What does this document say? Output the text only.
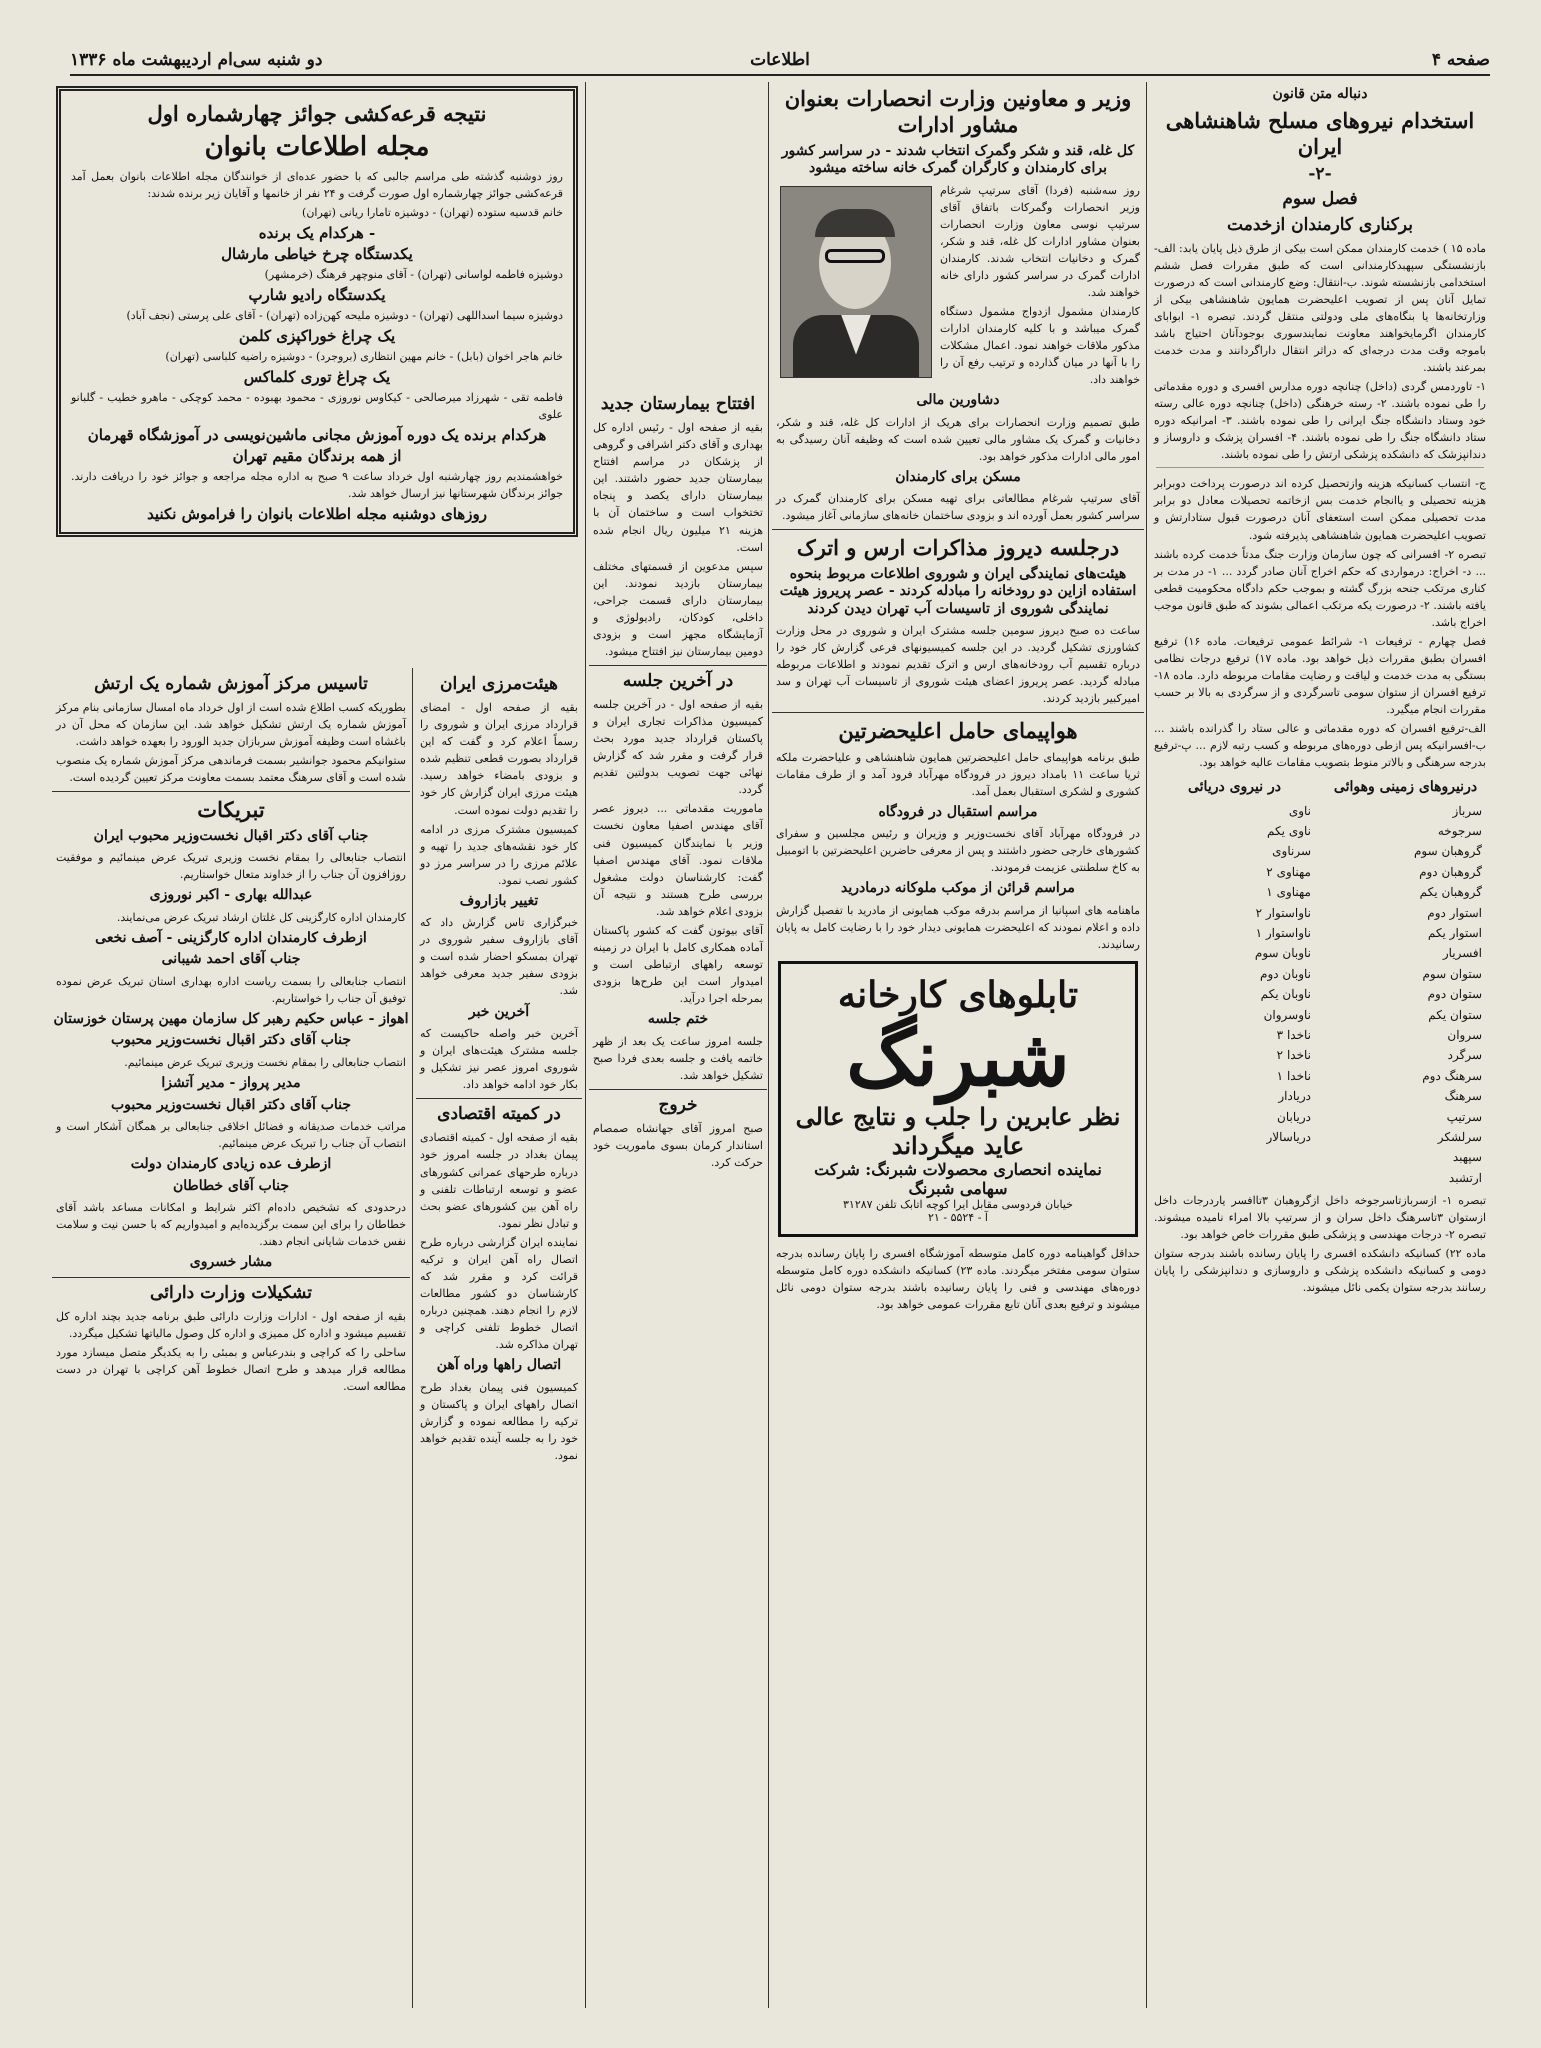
صفحه ۴
اطلاعات
دو شنبه سی‌ام اردیبهشت ماه ۱۳۳۶
دنباله متن قانون
استخدام نیروهای مسلح شاهنشاهی ایران
-۲-
فصل سوم
برکناری کارمندان ازخدمت
ماده ۱۵ ) خدمت کارمندان ممکن است بیکی از طرق ذیل پایان یابد: الف-بازنشستگی سپهبدکارمندانی است که طبق مقررات فصل ششم استخدامی بازنشسته شوند. ب-انتقال: وضع کارمندانی است که درصورت تمایل آنان پس از تصویب اعلیحضرت همایون شاهنشاهی بیکی از وزارتخانه‌ها یا بنگاه‌های ملی ودولتی منتقل گردند. تبصره ۱- ابوابای کارمندان اگرمایخواهند معاونت نمایندسوری بوجودآنان احتیاج باشد باموجه وقت مدت درجه‌ای که دراثر انتقال داراگردانند و مدت خدمت بمرعند باشند.
۱- تاوردمس گردی (داخل) چنانچه دوره مدارس افسری و دوره مقدماتی را طی نموده باشند. ۲- رسته خرهنگی (داخل) چنانچه دوره عالی رسته خود وستاد دانشگاه جنگ ایرانی را طی نموده باشند. ۳- امرانیکه دوره ستاد دانشگاه جنگ را طی نموده باشند. ۴- افسران پزشک و داروساز و دندانپزشک که دانشکده پزشکی ارتش را طی نموده باشند.
ج- انتساب کسانیکه هزینه وازتحصیل کرده اند درصورت پرداخت دوبرابر هزینه تحصیلی و یاانجام خدمت بس ازخاتمه تحصیلات معادل دو برابر مدت تحصیلی ممکن است استعفای آنان درصورت قبول ستادارتش و تصویب اعلیحضرت همایون شاهنشاهی پذیرفته شود.
تبصره ۲- افسرانی که چون سازمان وزارت جنگ مدتاً خدمت کرده باشند ... د- اخراج: درمواردی که حکم اخراج آنان صادر گردد ... ۱- در مدت بر کناری مرتکب جنحه بزرگ گشته و بموجب حکم دادگاه محکومیت قطعی یافته باشند. ۲- درصورت یکه مرتکب اعمالی بشوند که طبق قانون موجب اخراج باشد.
فصل چهارم - ترفیعات ۱- شرائط عمومی ترفیعات. ماده ۱۶) ترفیع افسران بطبق مقررات ذیل خواهد بود. ماده ۱۷) ترفیع درجات نظامی بستگی به مدت خدمت و لیاقت و رضایت مقامات مربوطه دارد. ماده ۱۸- ترفیع افسران از ستوان سومی تاسرگردی و از سرگردی به بالا بر حسب مقررات انجام میگیرد.
الف-ترفیع افسران که دوره مقدماتی و عالی ستاد را گذرانده باشند ... ب-افسرانیکه پس ازطی دوره‌های مربوطه و کسب رتبه لازم ... پ-ترفیع بدرجه سرهنگی و بالاتر منوط بتصویب مقامات عالیه خواهد بود.
درنیروهای زمینی وهوائی
سرباز
سرجوخه
گروهبان سوم
گروهبان دوم
گروهبان یکم
استوار دوم
استوار یکم
افسریار
ستوان سوم
ستوان دوم
ستوان یکم
سروان
سرگرد
سرهنگ دوم
سرهنگ
سرتیپ
سرلشکر
سپهبد
ارتشبد
در نیروی دریائی
ناوی
ناوی یکم
سرناوی
مهناوی ۲
مهناوی ۱
ناواستوار ۲
ناواستوار ۱
ناوبان سوم
ناوبان دوم
ناوبان یکم
ناوسروان
ناخدا ۳
ناخدا ۲
ناخدا ۱
دریادار
دریابان
دریاسالار
تبصره ۱- ازسربازتاسرجوخه داخل ازگروهبان ۳تاافسر یاردرجات داخل ازستوان ۳تاسرهنگ داخل سران و از سرتیپ بالا امراء نامیده میشوند. تبصره ۲- درجات مهندسی و پزشکی طبق مقررات خاص خواهد بود.
ماده ۲۲) کسانیکه دانشکده افسری را پایان رسانده باشند بدرجه ستوان دومی و کسانیکه دانشکده پزشکی و داروسازی و دندانپزشکی را پایان رسانند بدرجه ستوان یکمی نائل میشوند.
وزیر و معاونین وزارت انحصارات بعنوان مشاور ادارات
کل غله، قند و شکر وگمرک انتخاب شدند - در سراسر کشور برای کارمندان و کارگران گمرک خانه ساخته میشود
روز سه‌شنبه (فردا) آقای سرتیپ شرغام وزیر انحصارات وگمرکات باتفاق آقای سرتیپ نوسی معاون وزارت انحصارات بعنوان مشاور ادارات کل غله، قند و شکر، گمرک و دخانیات انتخاب شدند. کارمندان ادارات گمرک در سراسر کشور دارای خانه خواهند شد.
کارمندان مشمول ازدواج مشمول دستگاه گمرک میباشد و با کلیه کارمندان ادارات مذکور ملاقات خواهند نمود. اعمال مشکلات را با آنها در میان گذارده و ترتیب رفع آن را خواهند داد.
دشاورین مالی
طبق تصمیم وزارت انحصارات برای هریک از ادارات کل غله، قند و شکر، دخانیات و گمرک یک مشاور مالی تعیین شده است که وظیفه آنان رسیدگی به امور مالی ادارات مذکور خواهد بود.
مسکن برای کارمندان
آقای سرتیپ شرغام مطالعاتی برای تهیه مسکن برای کارمندان گمرک در سراسر کشور بعمل آورده اند و بزودی ساختمان خانه‌های سازمانی آغاز میشود.
درجلسه دیروز مذاکرات ارس و اترک
هیئت‌های نمایندگی ایران و شوروی اطلاعات مربوط بنحوه استفاده ازاین دو رودخانه را مبادله کردند - عصر پریروز هیئت نمایندگی شوروی از تاسیسات آب تهران دیدن کردند
ساعت ده صبح دیروز سومین جلسه مشترک ایران و شوروی در محل وزارت کشاورزی تشکیل گردید. در این جلسه کمیسیونهای فرعی گزارش کار خود را درباره تقسیم آب رودخانه‌های ارس و اترک تقدیم نمودند و اطلاعات مربوطه مبادله گردید. عصر پریروز اعضای هیئت شوروی از تاسیسات آب تهران و سد امیرکبیر بازدید کردند.
هواپیمای حامل اعلیحضرتین
طبق برنامه هواپیمای حامل اعلیحضرتین همایون شاهنشاهی و علیاحضرت ملکه ثریا ساعت ۱۱ بامداد دیروز در فرودگاه مهرآباد فرود آمد و از طرف مقامات کشوری و لشکری استقبال بعمل آمد.
مراسم استقبال در فرودگاه
در فرودگاه مهرآباد آقای نخست‌وزیر و وزیران و رئیس مجلسین و سفرای کشورهای خارجی حضور داشتند و پس از معرفی حاضرین اعلیحضرتین با اتومبیل به کاخ سلطنتی عزیمت فرمودند.
مراسم قرائن از موکب ملوکانه درمادرید
ماهنامه های اسپانیا از مراسم بدرقه موکب همایونی از مادرید با تفصیل گزارش داده و اعلام نمودند که اعلیحضرت همایونی دیدار خود را با رضایت کامل به پایان رسانیدند.
تابلوهای کارخانه
شبرنگ
نظر عابرین را جلب و نتایج عالی عاید میگرداند
نماینده انحصاری محصولات شبرنگ: شرکت سهامی شبرنگ
خیابان فردوسی مقابل ایرا کوچه اتابک تلفن ۳۱۲۸۷
آ - ۵۵۲۴ - ۲۱
حداقل گواهینامه دوره کامل متوسطه آموزشگاه افسری را پایان رسانده بدرجه ستوان سومی مفتخر میگردند. ماده ۲۳) کسانیکه دانشکده دوره کامل متوسطه دوره‌های مهندسی و فنی را پایان رسانیده باشند بدرجه ستوان دومی نائل میشوند و ترفیع بعدی آنان تابع مقررات عمومی خواهد بود.
افتتاح بیمارستان جدید
بقیه از صفحه اول - رئیس اداره کل بهداری و آقای دکتر اشرافی و گروهی از پزشکان در مراسم افتتاح بیمارستان جدید حضور داشتند. این بیمارستان دارای یکصد و پنجاه تختخواب است و ساختمان آن با هزینه ۲۱ میلیون ریال انجام شده است.
سپس مدعوین از قسمتهای مختلف بیمارستان بازدید نمودند. این بیمارستان دارای قسمت جراحی، داخلی، کودکان، رادیولوژی و آزمایشگاه مجهز است و بزودی دومین بیمارستان نیز افتتاح میشود.
در آخرین جلسه
بقیه از صفحه اول - در آخرین جلسه کمیسیون مذاکرات تجاری ایران و پاکستان قرارداد جدید مورد بحث قرار گرفت و مقرر شد که گزارش نهائی جهت تصویب بدولتین تقدیم گردد.
ماموریت مقدماتی ... دیروز عصر آقای مهندس اصفیا معاون نخست وزیر با نمایندگان کمیسیون فنی ملاقات نمود. آقای مهندس اصفیا گفت: کارشناسان دولت مشغول بررسی طرح هستند و نتیجه آن بزودی اعلام خواهد شد.
آقای بیوتون گفت که کشور پاکستان آماده همکاری کامل با ایران در زمینه توسعه راههای ارتباطی است و امیدوار است این طرح‌ها بزودی بمرحله اجرا درآید.
ختم جلسه
جلسه امروز ساعت یک بعد از ظهر خاتمه یافت و جلسه بعدی فردا صبح تشکیل خواهد شد.
خروج
صبح امروز آقای جهانشاه صمصام استاندار کرمان بسوی ماموریت خود حرکت کرد.
نتیجه قرعه‌کشی جوائز چهارشماره اول
مجله اطلاعات بانوان
روز دوشنبه گذشته طی مراسم جالبی که با حضور عده‌ای از خوانندگان مجله اطلاعات بانوان بعمل آمد قرعه‌کشی جوائز چهارشماره اول صورت گرفت و ۲۴ نفر از خانمها و آقایان زیر برنده شدند:
خانم قدسیه ستوده (تهران) - دوشیزه تامارا ریانی (تهران)
- هرکدام یک برنده
یکدستگاه چرخ خیاطی مارشال
دوشیزه فاطمه لواسانی (تهران) - آقای منوچهر فرهنگ (خرمشهر)
یکدستگاه رادیو شارپ
دوشیزه سیما اسداللهی (تهران) - دوشیزه ملیحه کهن‌زاده (تهران) - آقای علی پرستی (نجف آباد)
یک چراغ خوراکپزی کلمن
خانم هاجر اخوان (بابل) - خانم مهین انتظاری (بروجرد) - دوشیزه راضیه کلباسی (تهران)
یک چراغ توری کلماکس
فاطمه تقی - شهرزاد میرصالحی - کیکاوس نوروزی - محمود بهبوده - محمد کوچکی - ماهرو خطیب - گلبانو علوی
هرکدام برنده یک دوره آموزش مجانی ماشین‌نویسی در آموزشگاه قهرمان
از همه برندگان مقیم تهران
خواهشمندیم روز چهارشنبه اول خرداد ساعت ۹ صبح به اداره مجله مراجعه و جوائز خود را دریافت دارند. جوائز برندگان شهرستانها نیز ارسال خواهد شد.
روزهای دوشنبه مجله اطلاعات بانوان را فراموش نکنید
هیئت‌مرزی ایران
بقیه از صفحه اول - امضای قرارداد مرزی ایران و شوروی را رسماً اعلام کرد و گفت که این قرارداد بصورت قطعی تنظیم شده و بزودی بامضاء خواهد رسید. هیئت مرزی ایران گزارش کار خود را تقدیم دولت نموده است.
کمیسیون مشترک مرزی در ادامه کار خود نقشه‌های جدید را تهیه و علائم مرزی را در سراسر مرز دو کشور نصب نمود.
تغییر بازاروف
خبرگزاری تاس گزارش داد که آقای بازاروف سفیر شوروی در تهران بمسکو احضار شده است و بزودی سفیر جدید معرفی خواهد شد.
آخرین خبر
آخرین خبر واصله حاکیست که جلسه مشترک هیئت‌های ایران و شوروی امروز عصر نیز تشکیل و بکار خود ادامه خواهد داد.
در کمیته اقتصادی
بقیه از صفحه اول - کمیته اقتصادی پیمان بغداد در جلسه امروز خود درباره طرحهای عمرانی کشورهای عضو و توسعه ارتباطات تلفنی و راه آهن بین کشورهای عضو بحث و تبادل نظر نمود.
نماینده ایران گزارشی درباره طرح اتصال راه آهن ایران و ترکیه قرائت کرد و مقرر شد که کارشناسان دو کشور مطالعات لازم را انجام دهند. همچنین درباره اتصال خطوط تلفنی کراچی و تهران مذاکره شد.
اتصال راهها وراه آهن
کمیسیون فنی پیمان بغداد طرح اتصال راههای ایران و پاکستان و ترکیه را مطالعه نموده و گزارش خود را به جلسه آینده تقدیم خواهد نمود.
تاسیس مرکز آموزش شماره یک ارتش
بطوریکه کسب اطلاع شده است از اول خرداد ماه امسال سازمانی بنام مرکز آموزش شماره یک ارتش تشکیل خواهد شد. این سازمان که محل آن در باغشاه است وظیفه آموزش سربازان جدید الورود را بعهده خواهد داشت.
ستوانیکم محمود جوانشیر بسمت فرماندهی مرکز آموزش شماره یک منصوب شده است و آقای سرهنگ معتمد بسمت معاونت مرکز تعیین گردیده است.
تبریکات
جناب آقای دکتر اقبال نخست‌وزیر محبوب ایران
انتصاب جنابعالی را بمقام نخست وزیری تبریک عرض مینمائیم و موفقیت روزافزون آن جناب را از خداوند متعال خواستاریم.
عبدالله بهاری - اکبر نوروزی
کارمندان اداره کارگزینی کل غلتان ارشاد تبریک عرض می‌نمایند.
ازطرف کارمندان اداره کارگزینی - آصف نخعی
جناب آقای احمد شیبانی
انتصاب جنابعالی را بسمت ریاست اداره بهداری استان تبریک عرض نموده توفیق آن جناب را خواستاریم.
اهواز - عباس حکیم رهبر کل سازمان مهین پرستان خوزستان
جناب آقای دکتر اقبال نخست‌وزیر محبوب
انتصاب جنابعالی را بمقام نخست وزیری تبریک عرض مینمائیم.
مدیر پرواز - مدیر آتشزا
جناب آقای دکتر اقبال نخست‌وزیر محبوب
مراتب خدمات صدیقانه و فضائل اخلاقی جنابعالی بر همگان آشکار است و انتصاب آن جناب را تبریک عرض مینمائیم.
ازطرف عده زیادی کارمندان دولت
جناب آقای خطاطان
درحدودی که تشخیص داده‌ام اکثر شرایط و امکانات مساعد باشد آقای خطاطان را برای این سمت برگزیده‌ایم و امیدواریم که با حسن نیت و سلامت نفس خدمات شایانی انجام دهند.
مشار خسروی
تشکیلات وزارت دارائی
بقیه از صفحه اول - ادارات وزارت دارائی طبق برنامه جدید بچند اداره کل تقسیم میشود و اداره کل ممیزی و اداره کل وصول مالیاتها تشکیل میگردد.
ساحلی را که کراچی و بندرعباس و بمبئی را به یکدیگر متصل میسازد مورد مطالعه قرار میدهد و طرح اتصال خطوط آهن کراچی با تهران در دست مطالعه است.
